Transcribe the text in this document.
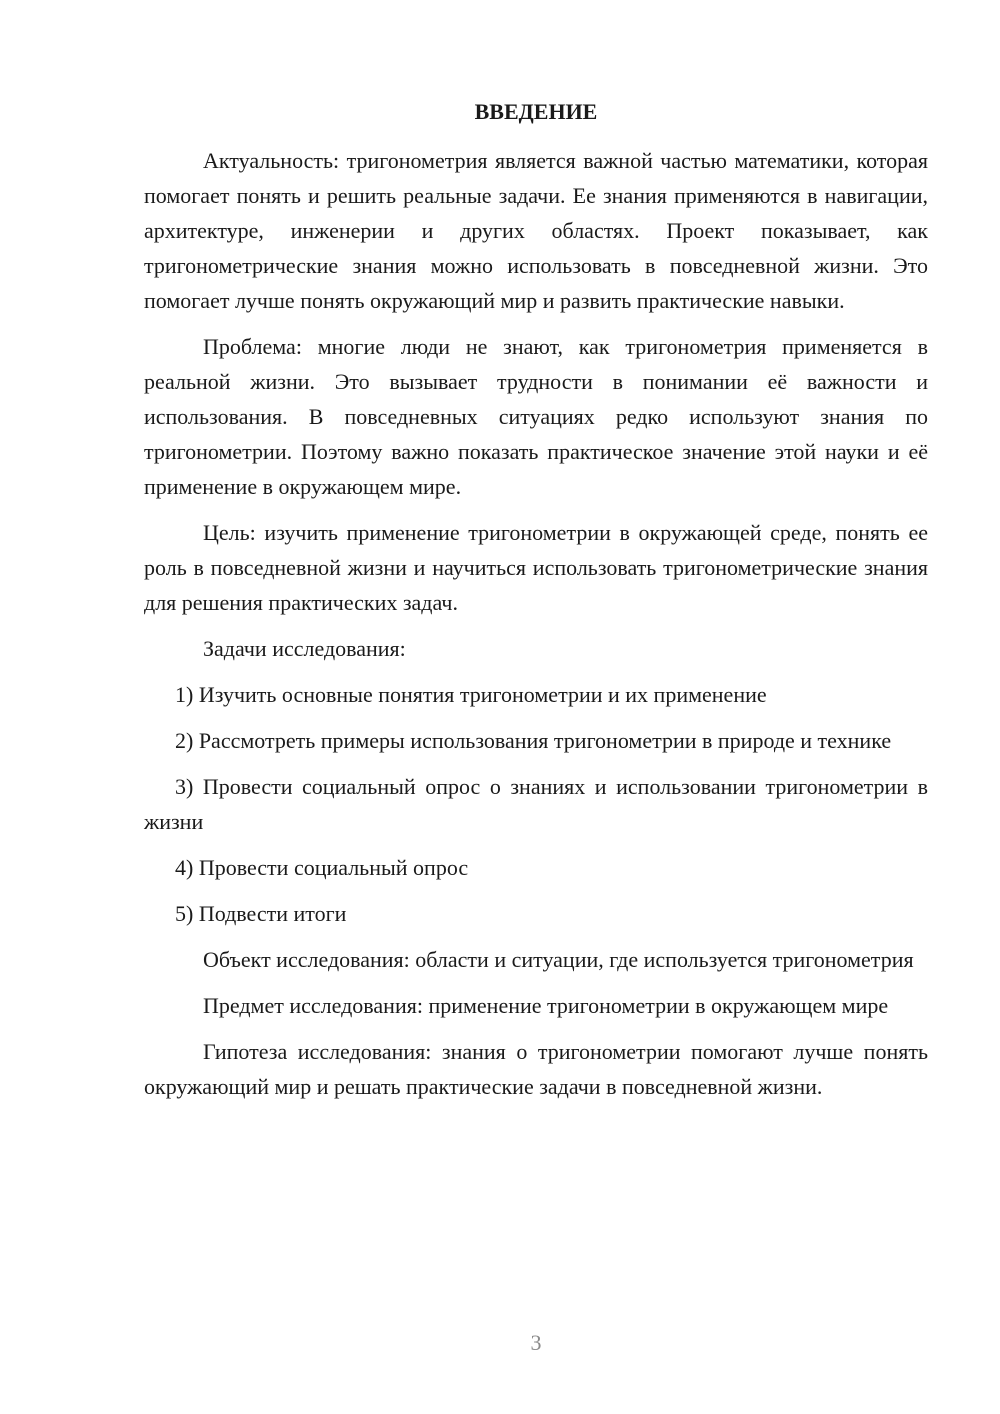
ВВЕДЕНИЕ

Актуальность: тригонометрия является важной частью математики, которая помогает понять и решить реальные задачи. Ее знания применяются в навигации, архитектуре, инженерии и других областях. Проект показывает, как тригонометрические знания можно использовать в повседневной жизни. Это помогает лучше понять окружающий мир и развить практические навыки.

Проблема: многие люди не знают, как тригонометрия применяется в реальной жизни. Это вызывает трудности в понимании её важности и использования. В повседневных ситуациях редко используют знания по тригонометрии. Поэтому важно показать практическое значение этой науки и её применение в окружающем мире.

Цель: изучить применение тригонометрии в окружающей среде, понять ее роль в повседневной жизни и научиться использовать тригонометрические знания для решения практических задач.

Задачи исследования:

1) Изучить основные понятия тригонометрии и их применение

2) Рассмотреть примеры использования тригонометрии в природе и технике

3) Провести социальный опрос о знаниях и использовании тригонометрии в жизни

4) Провести социальный опрос

5) Подвести итоги

Объект исследования: области и ситуации, где используется тригонометрия

Предмет исследования: применение тригонометрии в окружающем мире

Гипотеза исследования: знания о тригонометрии помогают лучше понять окружающий мир и решать практические задачи в повседневной жизни.

3
